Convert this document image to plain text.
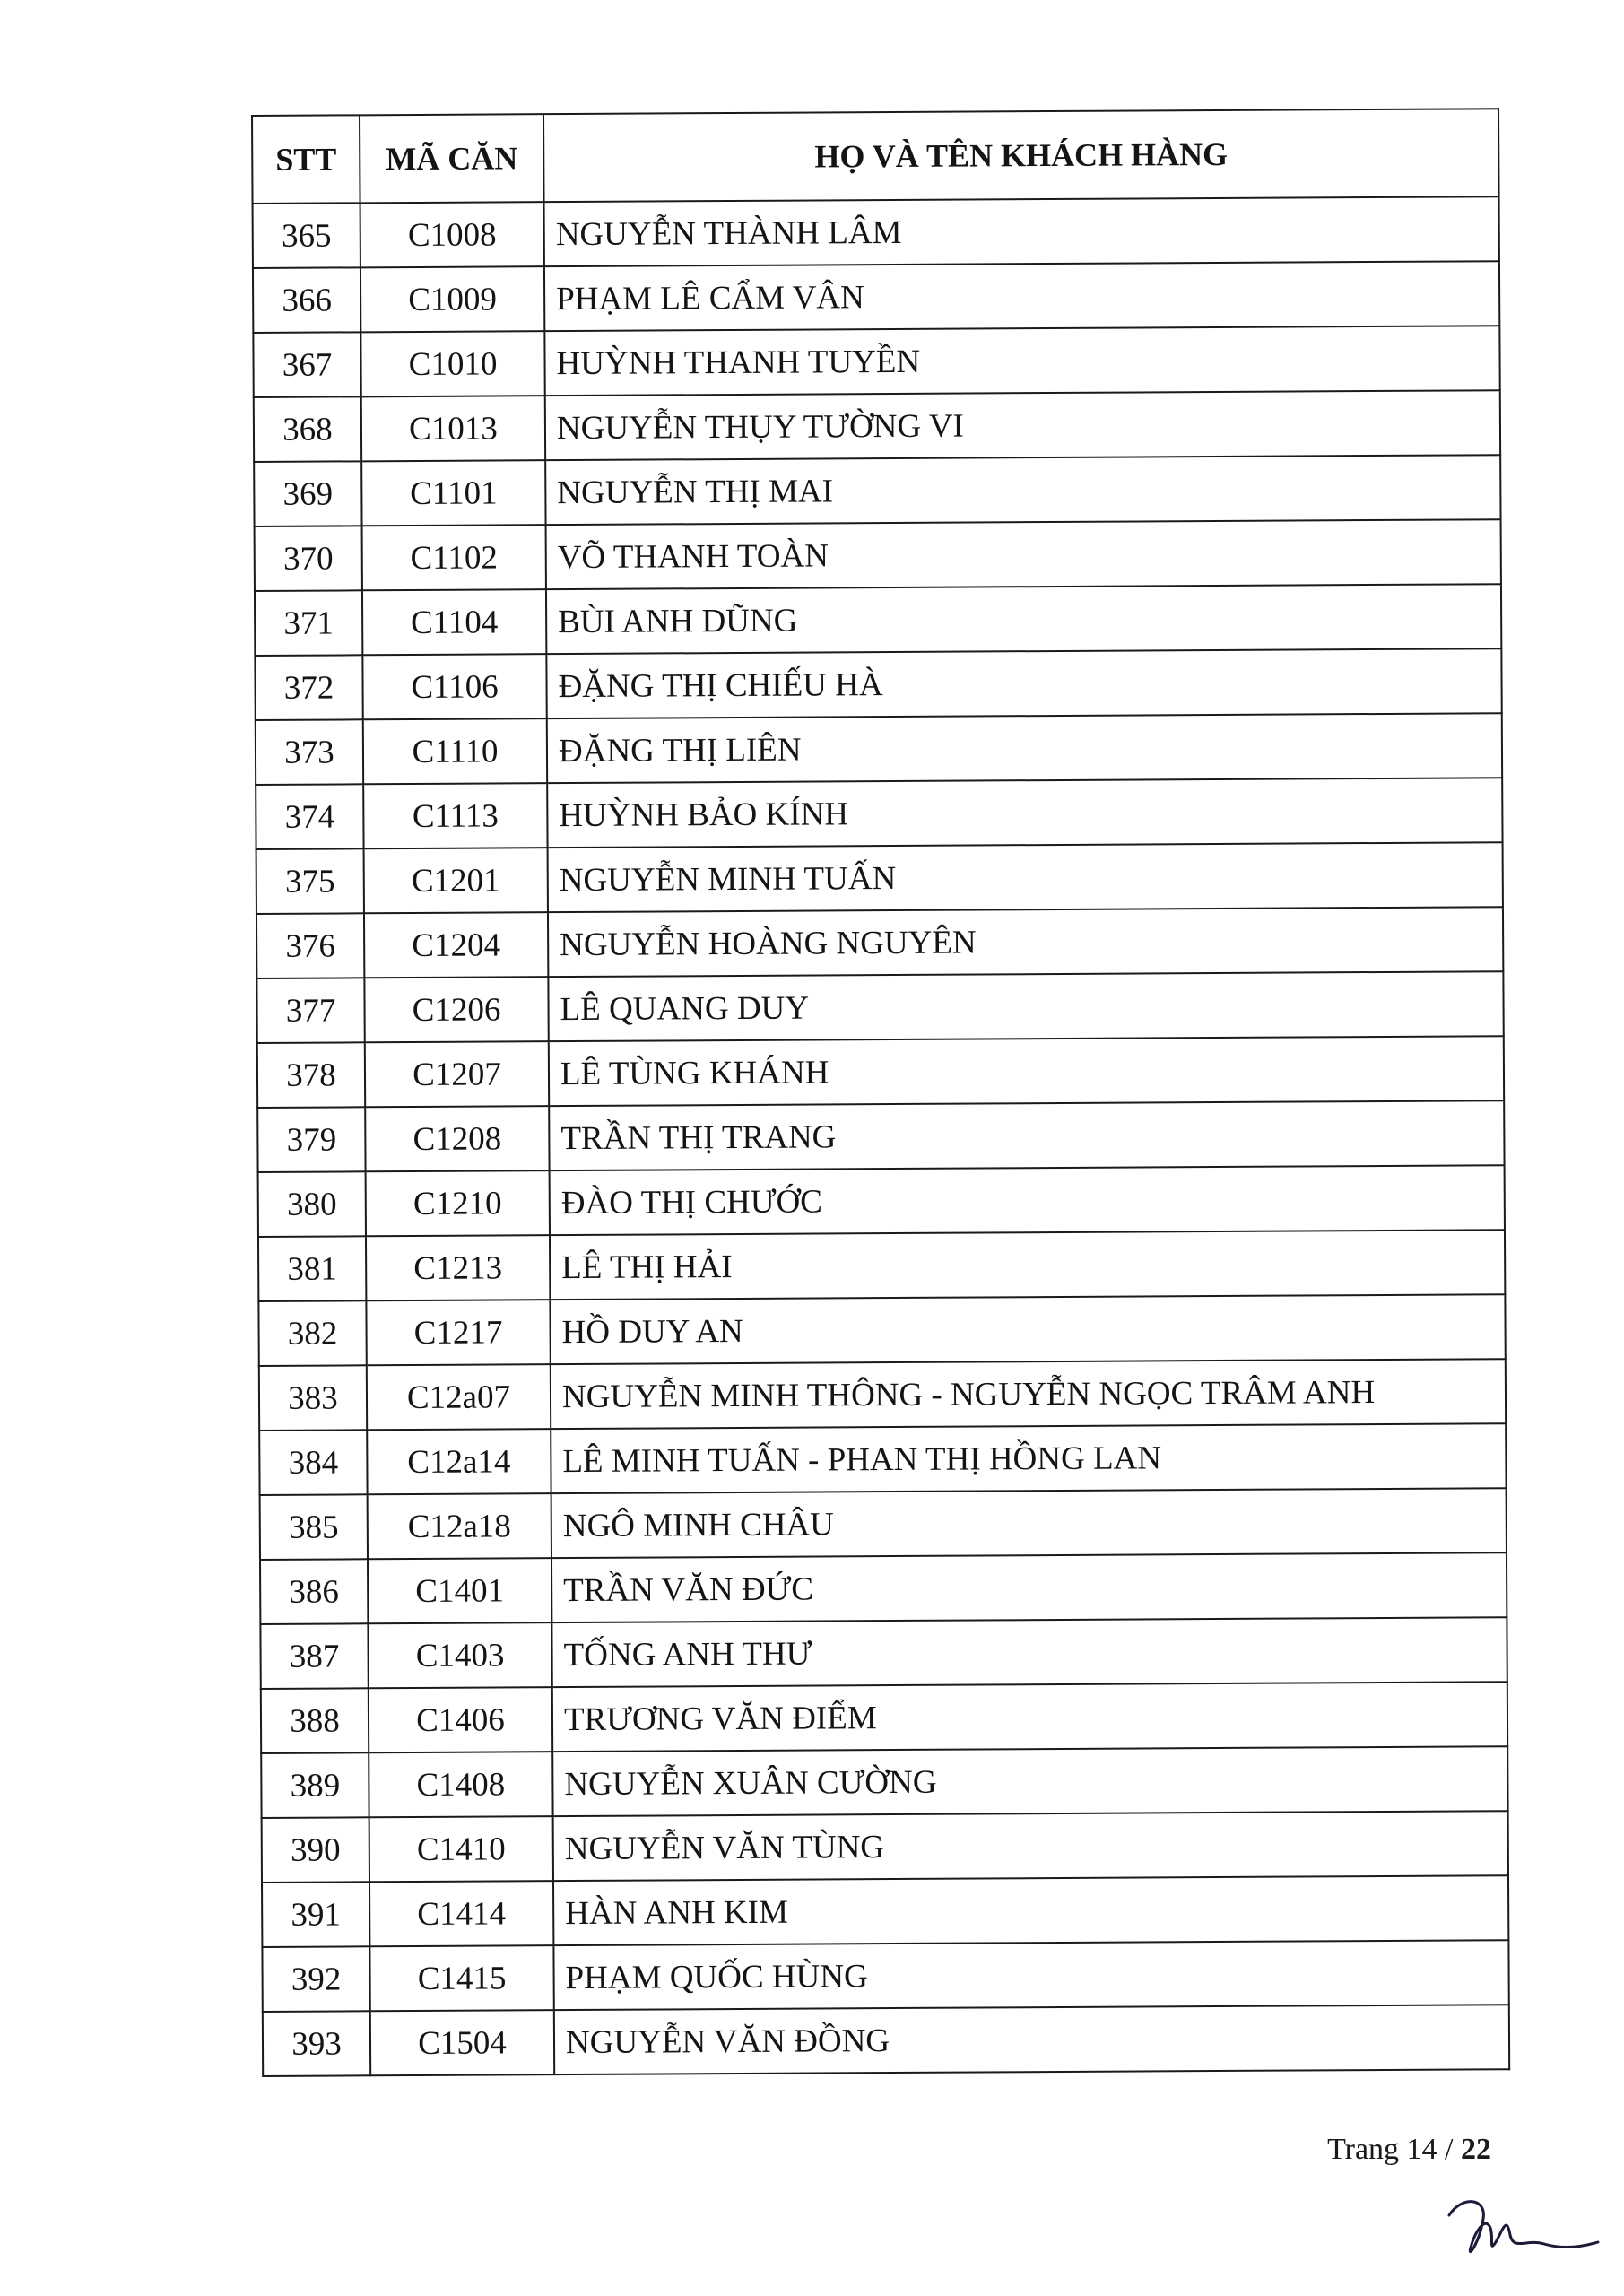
STT	MÃ CĂN	HỌ VÀ TÊN KHÁCH HÀNG
365	C1008	NGUYỄN THÀNH LÂM
366	C1009	PHẠM LÊ CẨM VÂN
367	C1010	HUỲNH THANH TUYỀN
368	C1013	NGUYỄN THỤY TƯỜNG VI
369	C1101	NGUYỄN THỊ MAI
370	C1102	VÕ THANH TOÀN
371	C1104	BÙI ANH DŨNG
372	C1106	ĐẶNG THỊ CHIẾU HÀ
373	C1110	ĐẶNG THỊ LIÊN
374	C1113	HUỲNH BẢO KÍNH
375	C1201	NGUYỄN MINH TUẤN
376	C1204	NGUYỄN HOÀNG NGUYÊN
377	C1206	LÊ QUANG DUY
378	C1207	LÊ TÙNG KHÁNH
379	C1208	TRẦN THỊ TRANG
380	C1210	ĐÀO THỊ CHƯỚC
381	C1213	LÊ THỊ HẢI
382	C1217	HỒ DUY AN
383	C12a07	NGUYỄN MINH THÔNG - NGUYỄN NGỌC TRÂM ANH
384	C12a14	LÊ MINH TUẤN - PHAN THỊ HỒNG LAN
385	C12a18	NGÔ MINH CHÂU
386	C1401	TRẦN VĂN ĐỨC
387	C1403	TỐNG ANH THƯ
388	C1406	TRƯƠNG VĂN ĐIỂM
389	C1408	NGUYỄN XUÂN CƯỜNG
390	C1410	NGUYỄN VĂN TÙNG
391	C1414	HÀN ANH KIM
392	C1415	PHẠM QUỐC HÙNG
393	C1504	NGUYỄN VĂN ĐỒNG
Trang 14 / 22
